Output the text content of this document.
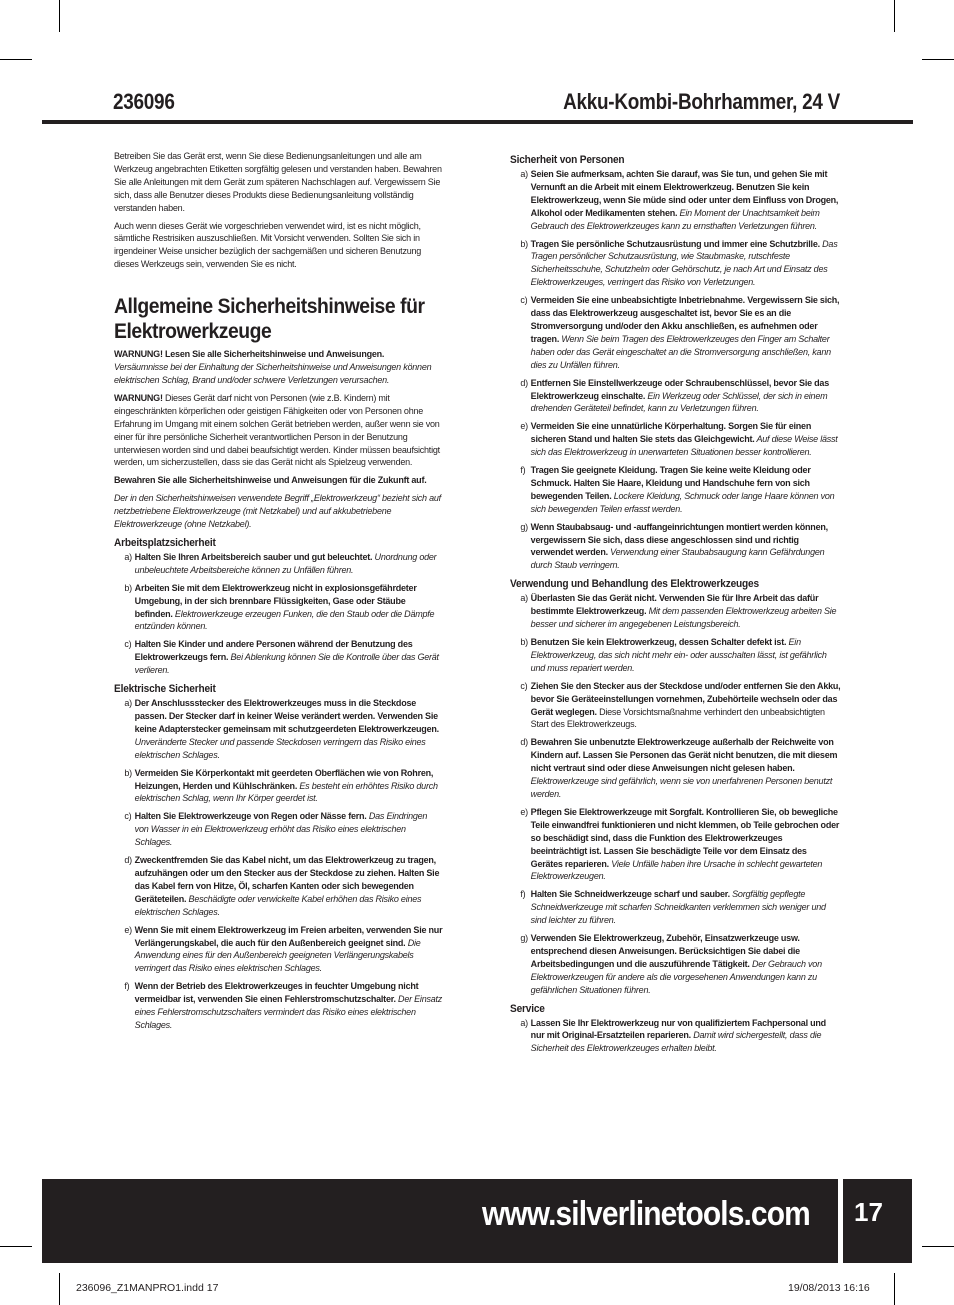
236096	Akku-Kombi-Bohrhammer, 24 V

Betreiben Sie das Gerät erst, wenn Sie diese Bedienungsanleitungen und alle am Werkzeug angebrachten Etiketten sorgfältig gelesen und verstanden haben. Bewahren Sie alle Anleitungen mit dem Gerät zum späteren Nachschlagen auf. Vergewissern Sie sich, dass alle Benutzer dieses Produkts diese Bedienungsanleitung vollständig verstanden haben.

Auch wenn dieses Gerät wie vorgeschrieben verwendet wird, ist es nicht möglich, sämtliche Restrisiken auszuschließen. Mit Vorsicht verwenden. Sollten Sie sich in irgendeiner Weise unsicher bezüglich der sachgemäßen und sicheren Benutzung dieses Werkzeugs sein, verwenden Sie es nicht.

Allgemeine Sicherheitshinweise für Elektrowerkzeuge

WARNUNG! Lesen Sie alle Sicherheitshinweise und Anweisungen.
Versäumnisse bei der Einhaltung der Sicherheitshinweise und Anweisungen können elektrischen Schlag, Brand und/oder schwere Verletzungen verursachen.

WARNUNG! Dieses Gerät darf nicht von Personen (wie z.B. Kindern) mit eingeschränkten körperlichen oder geistigen Fähigkeiten oder von Personen ohne Erfahrung im Umgang mit einem solchen Gerät betrieben werden, außer wenn sie von einer für ihre persönliche Sicherheit verantwortlichen Person in der Benutzung unterwiesen worden sind und dabei beaufsichtigt werden. Kinder müssen beaufsichtigt werden, um sicherzustellen, dass sie das Gerät nicht als Spielzeug verwenden.

Bewahren Sie alle Sicherheitshinweise und Anweisungen für die Zukunft auf.

Der in den Sicherheitshinweisen verwendete Begriff „Elektrowerkzeug“ bezieht sich auf netzbetriebene Elektrowerkzeuge (mit Netzkabel) und auf akkubetriebene Elektrowerkzeuge (ohne Netzkabel).

Arbeitsplatzsicherheit

a) Halten Sie Ihren Arbeitsbereich sauber und gut beleuchtet. Unordnung oder unbeleuchtete Arbeitsbereiche können zu Unfällen führen.

b) Arbeiten Sie mit dem Elektrowerkzeug nicht in explosionsgefährdeter Umgebung, in der sich brennbare Flüssigkeiten, Gase oder Stäube befinden. Elektrowerkzeuge erzeugen Funken, die den Staub oder die Dämpfe entzünden können.

c) Halten Sie Kinder und andere Personen während der Benutzung des Elektrowerkzeugs fern. Bei Ablenkung können Sie die Kontrolle über das Gerät verlieren.

Elektrische Sicherheit

a) Der Anschlussstecker des Elektrowerkzeuges muss in die Steckdose passen. Der Stecker darf in keiner Weise verändert werden. Verwenden Sie keine Adapterstecker gemeinsam mit schutzgeerdeten Elektrowerkzeugen. Unveränderte Stecker und passende Steckdosen verringern das Risiko eines elektrischen Schlages.

b) Vermeiden Sie Körperkontakt mit geerdeten Oberflächen wie von Rohren, Heizungen, Herden und Kühlschränken. Es besteht ein erhöhtes Risiko durch elektrischen Schlag, wenn Ihr Körper geerdet ist.

c) Halten Sie Elektrowerkzeuge von Regen oder Nässe fern. Das Eindringen von Wasser in ein Elektrowerkzeug erhöht das Risiko eines elektrischen Schlages.

d) Zweckentfremden Sie das Kabel nicht, um das Elektrowerkzeug zu tragen, aufzuhängen oder um den Stecker aus der Steckdose zu ziehen. Halten Sie das Kabel fern von Hitze, Öl, scharfen Kanten oder sich bewegenden Geräteteilen. Beschädigte oder verwickelte Kabel erhöhen das Risiko eines elektrischen Schlages.

e) Wenn Sie mit einem Elektrowerkzeug im Freien arbeiten, verwenden Sie nur Verlängerungskabel, die auch für den Außenbereich geeignet sind. Die Anwendung eines für den Außenbereich geeigneten Verlängerungskabels verringert das Risiko eines elektrischen Schlages.

f) Wenn der Betrieb des Elektrowerkzeuges in feuchter Umgebung nicht vermeidbar ist, verwenden Sie einen Fehlerstromschutzschalter. Der Einsatz eines Fehlerstromschutzschalters vermindert das Risiko eines elektrischen Schlages.

Sicherheit von Personen

a) Seien Sie aufmerksam, achten Sie darauf, was Sie tun, und gehen Sie mit Vernunft an die Arbeit mit einem Elektrowerkzeug. Benutzen Sie kein Elektrowerkzeug, wenn Sie müde sind oder unter dem Einfluss von Drogen, Alkohol oder Medikamenten stehen. Ein Moment der Unachtsamkeit beim Gebrauch des Elektrowerkzeuges kann zu ernsthaften Verletzungen führen.

b) Tragen Sie persönliche Schutzausrüstung und immer eine Schutzbrille. Das Tragen persönlicher Schutzausrüstung, wie Staubmaske, rutschfeste Sicherheitsschuhe, Schutzhelm oder Gehörschutz, je nach Art und Einsatz des Elektrowerkzeuges, verringert das Risiko von Verletzungen.

c) Vermeiden Sie eine unbeabsichtigte Inbetriebnahme. Vergewissern Sie sich, dass das Elektrowerkzeug ausgeschaltet ist, bevor Sie es an die Stromversorgung und/oder den Akku anschließen, es aufnehmen oder tragen. Wenn Sie beim Tragen des Elektrowerkzeuges den Finger am Schalter haben oder das Gerät eingeschaltet an die Stromversorgung anschließen, kann dies zu Unfällen führen.

d) Entfernen Sie Einstellwerkzeuge oder Schraubenschlüssel, bevor Sie das Elektrowerkzeug einschalte. Ein Werkzeug oder Schlüssel, der sich in einem drehenden Geräteteil befindet, kann zu Verletzungen führen.

e) Vermeiden Sie eine unnatürliche Körperhaltung. Sorgen Sie für einen sicheren Stand und halten Sie stets das Gleichgewicht. Auf diese Weise lässt sich das Elektrowerkzeug in unerwarteten Situationen besser kontrollieren.

f) Tragen Sie geeignete Kleidung. Tragen Sie keine weite Kleidung oder Schmuck. Halten Sie Haare, Kleidung und Handschuhe fern von sich bewegenden Teilen. Lockere Kleidung, Schmuck oder lange Haare können von sich bewegenden Teilen erfasst werden.

g) Wenn Staubabsaug- und -auffangeinrichtungen montiert werden können, vergewissern Sie sich, dass diese angeschlossen sind und richtig verwendet werden. Verwendung einer Staubabsaugung kann Gefährdungen durch Staub verringern.

Verwendung und Behandlung des Elektrowerkzeuges

a) Überlasten Sie das Gerät nicht. Verwenden Sie für Ihre Arbeit das dafür bestimmte Elektrowerkzeug. Mit dem passenden Elektrowerkzeug arbeiten Sie besser und sicherer im angegebenen Leistungsbereich.

b) Benutzen Sie kein Elektrowerkzeug, dessen Schalter defekt ist. Ein Elektrowerkzeug, das sich nicht mehr ein- oder ausschalten lässt, ist gefährlich und muss repariert werden.

c) Ziehen Sie den Stecker aus der Steckdose und/oder entfernen Sie den Akku, bevor Sie Geräteeinstellungen vornehmen, Zubehörteile wechseln oder das Gerät weglegen. Diese Vorsichtsmaßnahme verhindert den unbeabsichtigten Start des Elektrowerkzeugs.

d) Bewahren Sie unbenutzte Elektrowerkzeuge außerhalb der Reichweite von Kindern auf. Lassen Sie Personen das Gerät nicht benutzen, die mit diesem nicht vertraut sind oder diese Anweisungen nicht gelesen haben. Elektrowerkzeuge sind gefährlich, wenn sie von unerfahrenen Personen benutzt werden.

e) Pflegen Sie Elektrowerkzeuge mit Sorgfalt. Kontrollieren Sie, ob bewegliche Teile einwandfrei funktionieren und nicht klemmen, ob Teile gebrochen oder so beschädigt sind, dass die Funktion des Elektrowerkzeuges beeinträchtigt ist. Lassen Sie beschädigte Teile vor dem Einsatz des Gerätes reparieren. Viele Unfälle haben ihre Ursache in schlecht gewarteten Elektrowerkzeugen.

f) Halten Sie Schneidwerkzeuge scharf und sauber. Sorgfältig gepflegte Schneidwerkzeuge mit scharfen Schneidkanten verklemmen sich weniger und sind leichter zu führen.

g) Verwenden Sie Elektrowerkzeug, Zubehör, Einsatzwerkzeuge usw. entsprechend diesen Anweisungen. Berücksichtigen Sie dabei die Arbeitsbedingungen und die auszuführende Tätigkeit. Der Gebrauch von Elektrowerkzeugen für andere als die vorgesehenen Anwendungen kann zu gefährlichen Situationen führen.

Service

a) Lassen Sie Ihr Elektrowerkzeug nur von qualifiziertem Fachpersonal und nur mit Original-Ersatzteilen reparieren. Damit wird sichergestellt, dass die Sicherheit des Elektrowerkzeuges erhalten bleibt.

www.silverlinetools.com 17
236096_Z1MANPRO1.indd 17	19/08/2013 16:16
